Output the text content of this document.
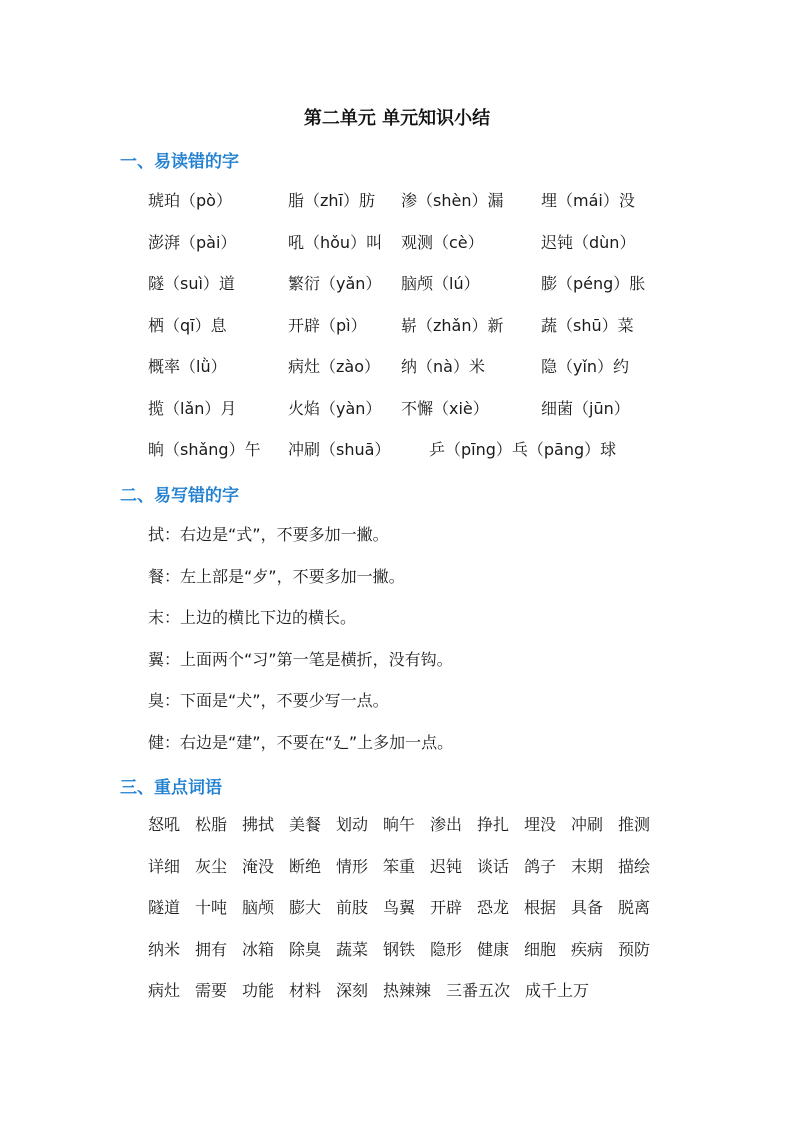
第二单元 单元知识小结
一、易读错的字
琥珀（pò）	脂（zhī）肪 渗（shèn）漏 埋（mái）没
澎湃（pài）	吼（hǒu）叫 观测（cè）	迟钝（dùn）
隧（suì）道	繁衍（yǎn） 脑颅（lú）	膨（péng）胀
栖（qī）息	开辟（pì） 崭（zhǎn）新 蔬（shū）菜
概率（lǜ）	病灶（zào） 纳（nà）米	隐（yǐn）约
揽（lǎn）月	火焰（yàn） 不懈（xiè）	细菌（jūn）
晌（shǎng）午 冲刷（shuā） 乒（pīng）乓（pāng）球
二、易写错的字
拭：右边是“式”，不要多加一撇。
餐：左上部是“歺”，不要多加一撇。
末：上边的横比下边的横长。
翼：上面两个“习”第一笔是横折，没有钩。
臭：下面是“犬”，不要少写一点。
健：右边是“建”，不要在“廴”上多加一点。
三、重点词语
怒吼 松脂 拂拭 美餐 划动 晌午 渗出 挣扎 埋没 冲刷 推测
详细 灰尘 淹没 断绝 情形 笨重 迟钝 谈话 鸽子 末期 描绘
隧道 十吨 脑颅 膨大 前肢 鸟翼 开辟 恐龙 根据 具备 脱离
纳米 拥有 冰箱 除臭 蔬菜 钢铁 隐形 健康 细胞 疾病 预防
病灶 需要 功能 材料 深刻 热辣辣 三番五次 成千上万
